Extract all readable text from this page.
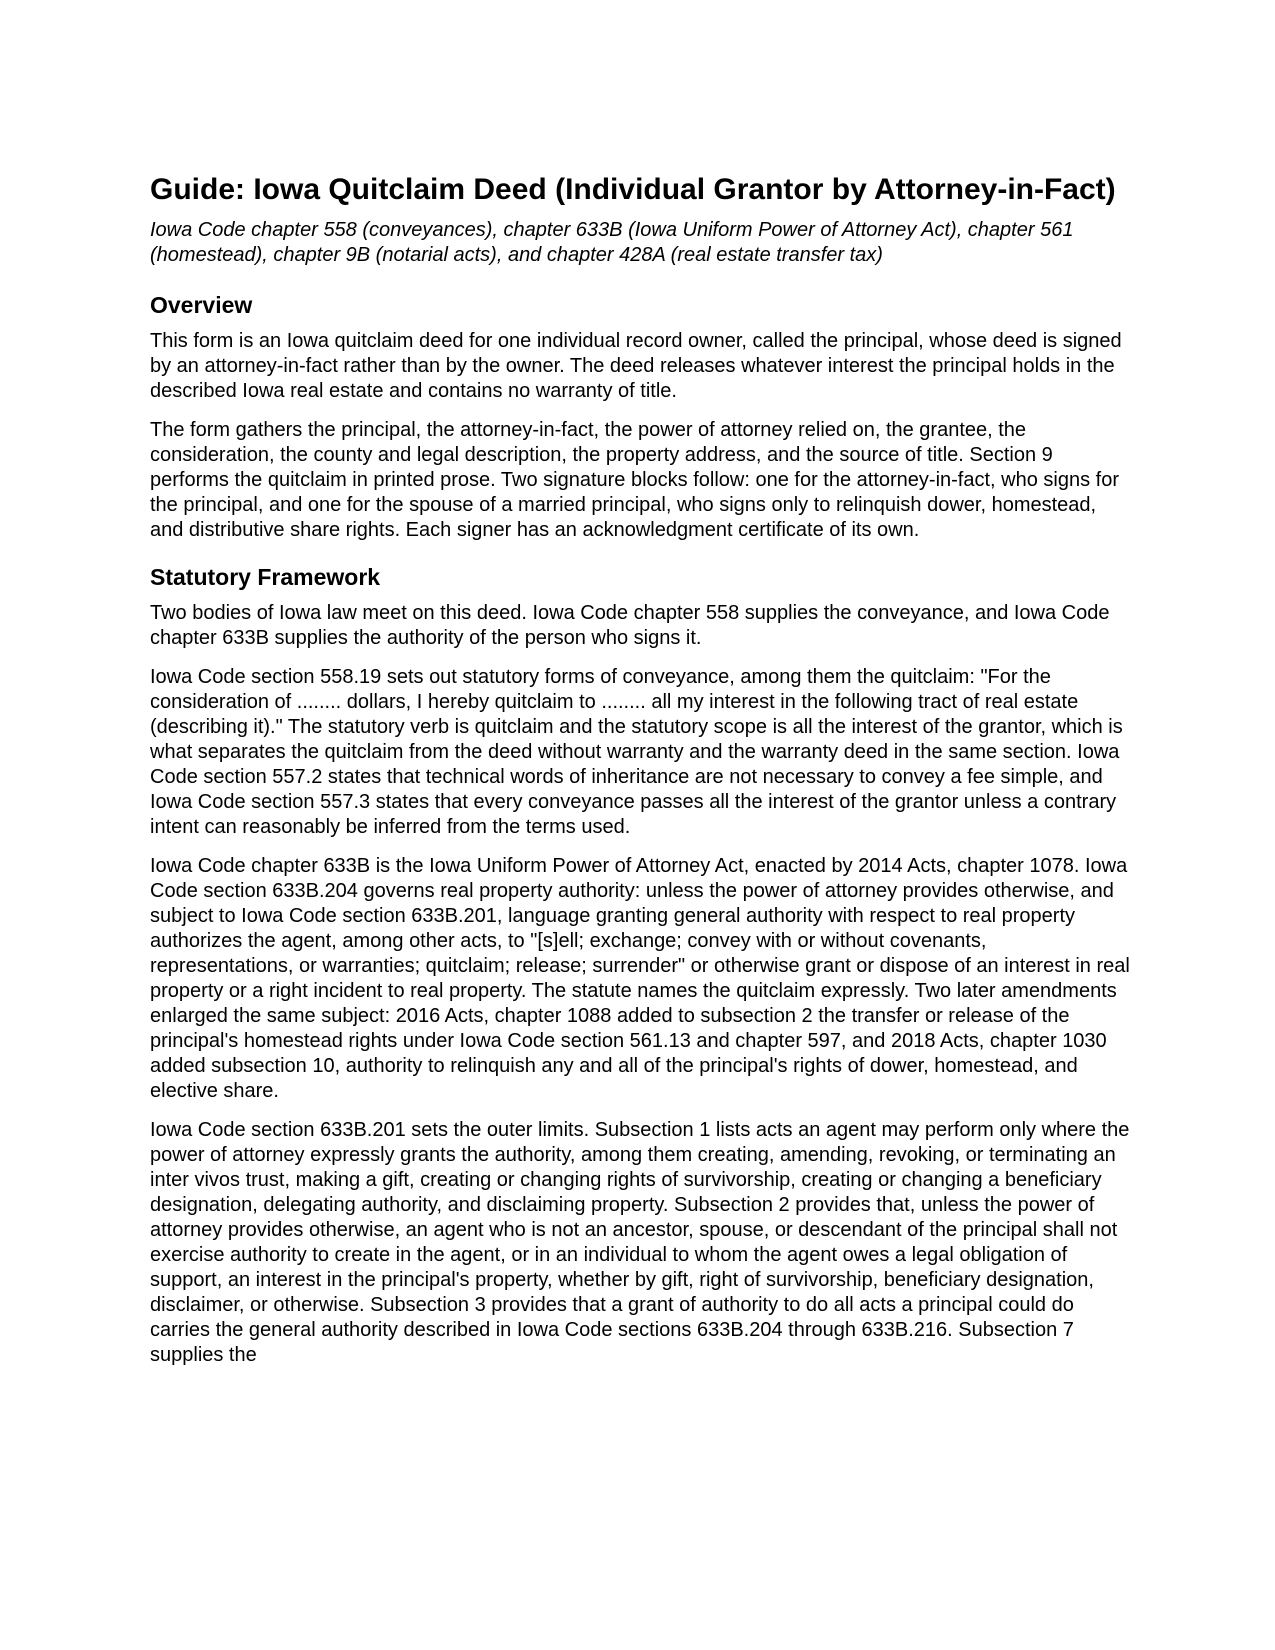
Guide: Iowa Quitclaim Deed (Individual Grantor by Attorney-in-Fact)

Iowa Code chapter 558 (conveyances), chapter 633B (Iowa Uniform Power of Attorney Act), chapter 561 (homestead), chapter 9B (notarial acts), and chapter 428A (real estate transfer tax)

Overview

This form is an Iowa quitclaim deed for one individual record owner, called the principal, whose deed is signed by an attorney-in-fact rather than by the owner. The deed releases whatever interest the principal holds in the described Iowa real estate and contains no warranty of title.

The form gathers the principal, the attorney-in-fact, the power of attorney relied on, the grantee, the consideration, the county and legal description, the property address, and the source of title. Section 9 performs the quitclaim in printed prose. Two signature blocks follow: one for the attorney-in-fact, who signs for the principal, and one for the spouse of a married principal, who signs only to relinquish dower, homestead, and distributive share rights. Each signer has an acknowledgment certificate of its own.

Statutory Framework

Two bodies of Iowa law meet on this deed. Iowa Code chapter 558 supplies the conveyance, and Iowa Code chapter 633B supplies the authority of the person who signs it.

Iowa Code section 558.19 sets out statutory forms of conveyance, among them the quitclaim: "For the consideration of ........ dollars, I hereby quitclaim to ........ all my interest in the following tract of real estate (describing it)." The statutory verb is quitclaim and the statutory scope is all the interest of the grantor, which is what separates the quitclaim from the deed without warranty and the warranty deed in the same section. Iowa Code section 557.2 states that technical words of inheritance are not necessary to convey a fee simple, and Iowa Code section 557.3 states that every conveyance passes all the interest of the grantor unless a contrary intent can reasonably be inferred from the terms used.

Iowa Code chapter 633B is the Iowa Uniform Power of Attorney Act, enacted by 2014 Acts, chapter 1078. Iowa Code section 633B.204 governs real property authority: unless the power of attorney provides otherwise, and subject to Iowa Code section 633B.201, language granting general authority with respect to real property authorizes the agent, among other acts, to "[s]ell; exchange; convey with or without covenants, representations, or warranties; quitclaim; release; surrender" or otherwise grant or dispose of an interest in real property or a right incident to real property. The statute names the quitclaim expressly. Two later amendments enlarged the same subject: 2016 Acts, chapter 1088 added to subsection 2 the transfer or release of the principal's homestead rights under Iowa Code section 561.13 and chapter 597, and 2018 Acts, chapter 1030 added subsection 10, authority to relinquish any and all of the principal's rights of dower, homestead, and elective share.

Iowa Code section 633B.201 sets the outer limits. Subsection 1 lists acts an agent may perform only where the power of attorney expressly grants the authority, among them creating, amending, revoking, or terminating an inter vivos trust, making a gift, creating or changing rights of survivorship, creating or changing a beneficiary designation, delegating authority, and disclaiming property. Subsection 2 provides that, unless the power of attorney provides otherwise, an agent who is not an ancestor, spouse, or descendant of the principal shall not exercise authority to create in the agent, or in an individual to whom the agent owes a legal obligation of support, an interest in the principal's property, whether by gift, right of survivorship, beneficiary designation, disclaimer, or otherwise. Subsection 3 provides that a grant of authority to do all acts a principal could do carries the general authority described in Iowa Code sections 633B.204 through 633B.216. Subsection 7 supplies the
